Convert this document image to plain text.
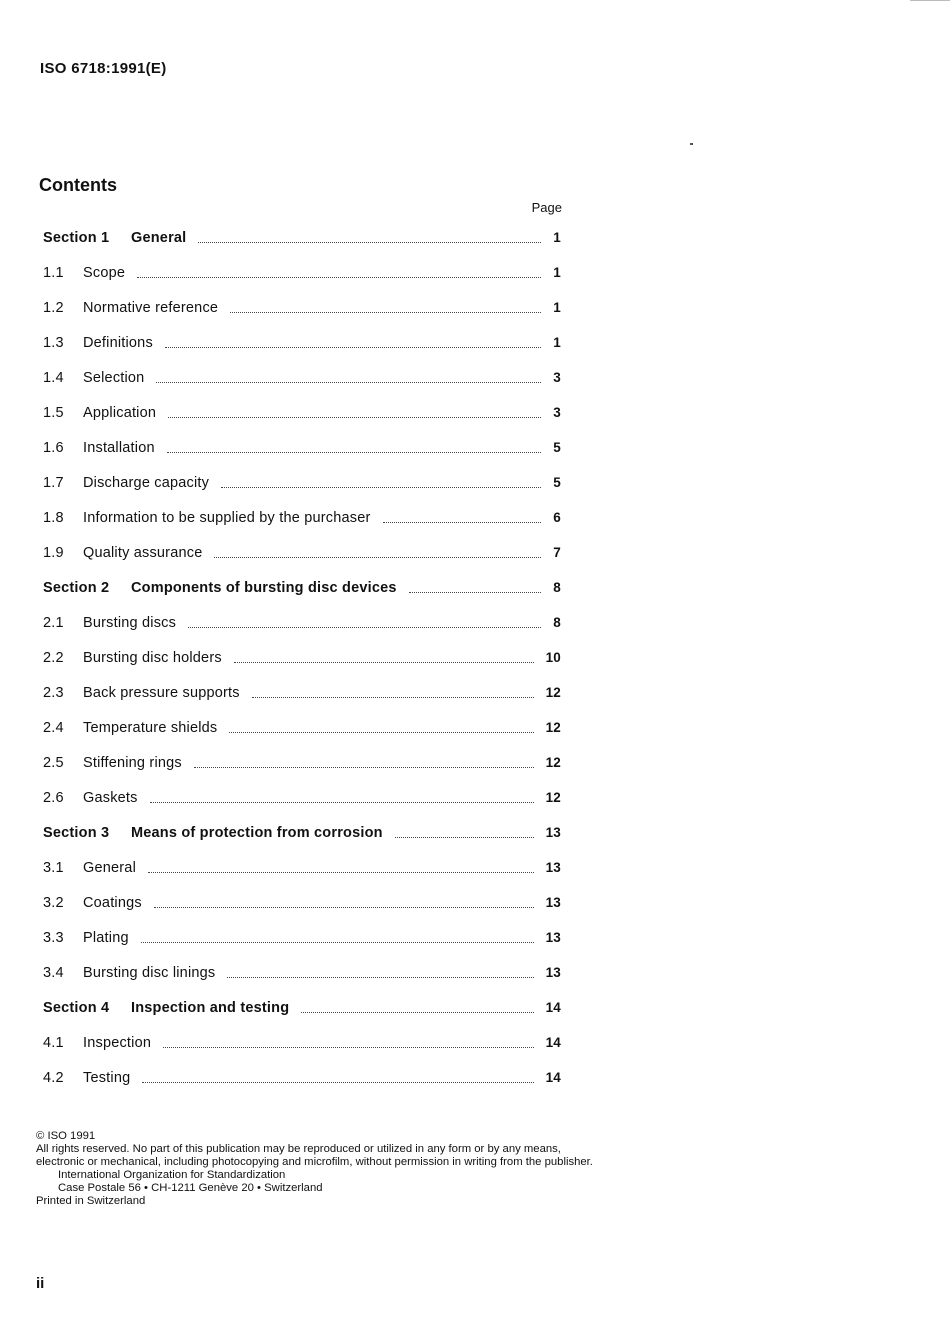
ISO 6718:1991(E)
Contents
Page
Section 1 General	1
1.1 Scope	1
1.2 Normative reference	1
1.3 Definitions	1
1.4 Selection	3
1.5 Application	3
1.6 Installation	5
1.7 Discharge capacity	5
1.8 Information to be supplied by the purchaser	6
1.9 Quality assurance	7
Section 2 Components of bursting disc devices	8
2.1 Bursting discs	8
2.2 Bursting disc holders	10
2.3 Back pressure supports	12
2.4 Temperature shields	12
2.5 Stiffening rings	12
2.6 Gaskets	12
Section 3 Means of protection from corrosion	13
3.1 General	13
3.2 Coatings	13
3.3 Plating	13
3.4 Bursting disc linings	13
Section 4 Inspection and testing	14
4.1 Inspection	14
4.2 Testing	14
© ISO 1991
All rights reserved. No part of this publication may be reproduced or utilized in any form or by any means, electronic or mechanical, including photocopying and microfilm, without permission in writing from the publisher.
International Organization for Standardization
Case Postale 56 • CH-1211 Genève 20 • Switzerland
Printed in Switzerland
ii
